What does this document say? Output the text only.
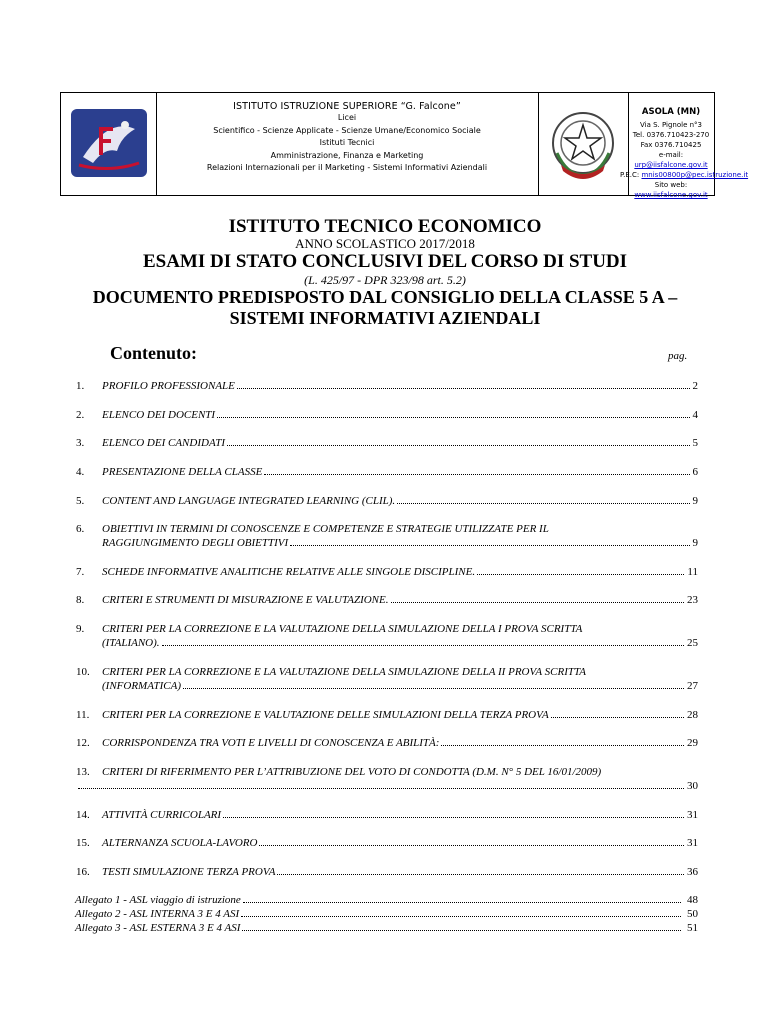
ISTITUTO ISTRUZIONE SUPERIORE “G. Falcone”
Licei
Scientifico - Scienze Applicate - Scienze Umane/Economico Sociale
Istituti Tecnici
Amministrazione, Finanza e Marketing
Relazioni Internazionali per il Marketing - Sistemi Informativi Aziendali
ASOLA (MN)
Via S. Pignole n°3
Tel. 0376.710423-270
Fax 0376.710425
e-mail: urp@iisfalcone.gov.it
P.E.C: mnis00800p@pec.istruzione.it
Sito web: www.iisfalcone.gov.it
ISTITUTO TECNICO ECONOMICO
ANNO SCOLASTICO 2017/2018
ESAMI DI STATO CONCLUSIVI DEL CORSO DI STUDI
(L. 425/97 - DPR 323/98 art. 5.2)
DOCUMENTO PREDISPOSTO DAL CONSIGLIO DELLA CLASSE 5 A –
SISTEMI INFORMATIVI AZIENDALI
Contenuto:	pag.
1. PROFILO PROFESSIONALE	2
2. ELENCO DEI DOCENTI	4
3. ELENCO DEI CANDIDATI	5
4. PRESENTAZIONE DELLA CLASSE	6
5. CONTENT AND LANGUAGE INTEGRATED LEARNING (CLIL).	9
6. OBIETTIVI IN TERMINI DI CONOSCENZE E COMPETENZE E STRATEGIE UTILIZZATE PER IL
RAGGIUNGIMENTO DEGLI OBIETTIVI	9
7. SCHEDE INFORMATIVE ANALITICHE RELATIVE ALLE SINGOLE DISCIPLINE.	11
8. CRITERI E STRUMENTI DI MISURAZIONE E VALUTAZIONE.	23
9. CRITERI PER LA CORREZIONE E LA VALUTAZIONE DELLA SIMULAZIONE DELLA I PROVA SCRITTA
(ITALIANO).	25
10. CRITERI PER LA CORREZIONE E LA VALUTAZIONE DELLA SIMULAZIONE DELLA II PROVA SCRITTA
(INFORMATICA)	27
11. CRITERI PER LA CORREZIONE E VALUTAZIONE DELLE SIMULAZIONI DELLA TERZA PROVA	28
12. CORRISPONDENZA TRA VOTI E LIVELLI DI CONOSCENZA E ABILITÀ:	29
13. CRITERI DI RIFERIMENTO PER L’ATTRIBUZIONE DEL VOTO DI CONDOTTA (D.M. N° 5 DEL 16/01/2009)
30
14. ATTIVITÀ CURRICOLARI	31
15. ALTERNANZA SCUOLA-LAVORO	31
16. TESTI SIMULAZIONE TERZA PROVA	36
Allegato 1 - ASL viaggio di istruzione	48
Allegato 2 - ASL INTERNA 3 E 4 ASI	50
Allegato 3 - ASL ESTERNA 3 E 4 ASI	51
